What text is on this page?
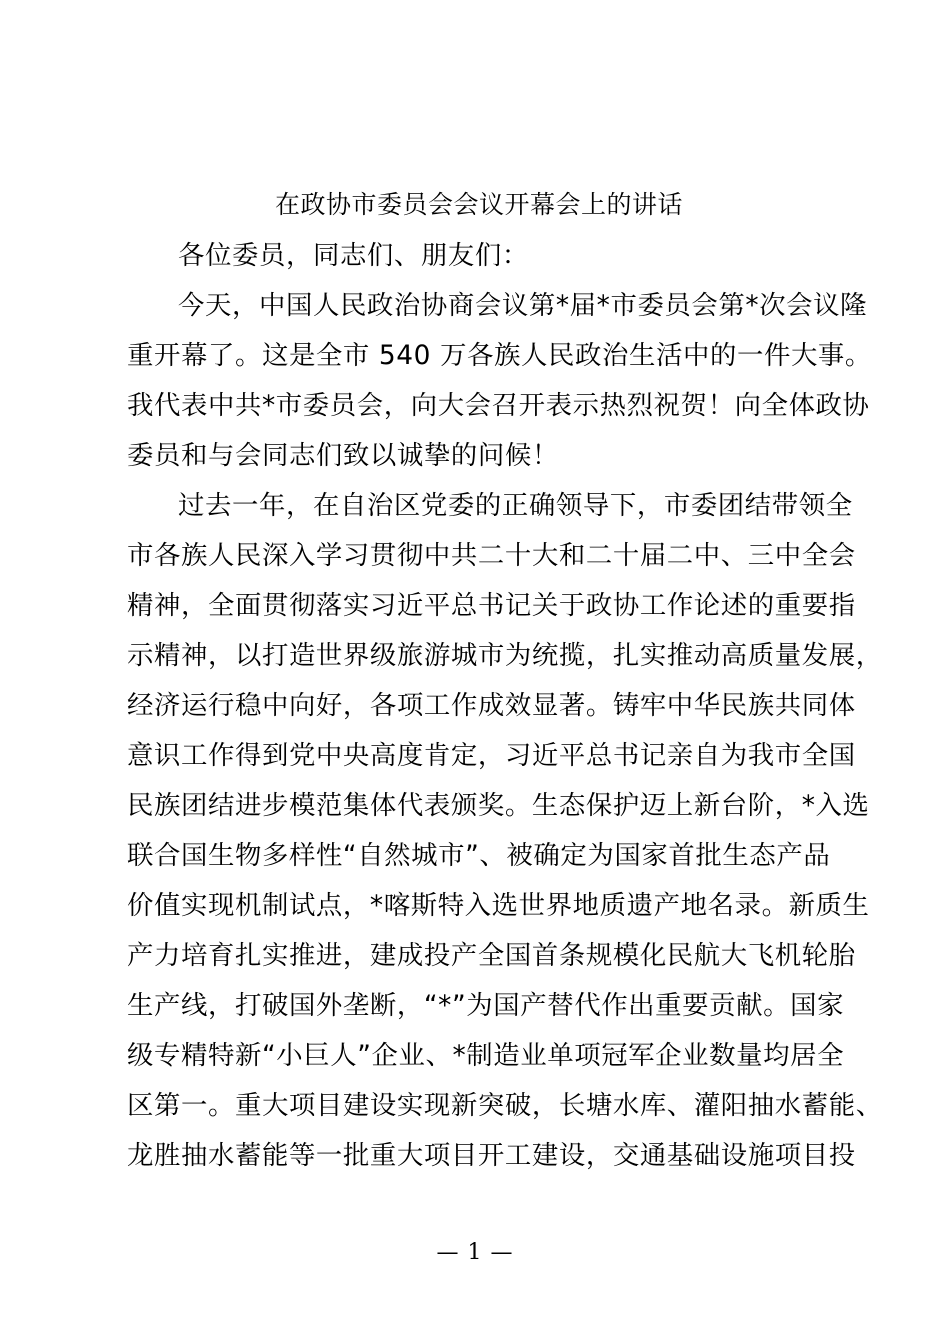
在政协市委员会会议开幕会上的讲话
各位委员，同志们、朋友们：
今天，中国人民政治协商会议第*届*市委员会第*次会议隆
重开幕了。这是全市 540 万各族人民政治生活中的一件大事。
我代表中共*市委员会，向大会召开表示热烈祝贺！向全体政协
委员和与会同志们致以诚挚的问候！
过去一年，在自治区党委的正确领导下，市委团结带领全
市各族人民深入学习贯彻中共二十大和二十届二中、三中全会
精神，全面贯彻落实习近平总书记关于政协工作论述的重要指
示精神，以打造世界级旅游城市为统揽，扎实推动高质量发展，
经济运行稳中向好，各项工作成效显著。铸牢中华民族共同体
意识工作得到党中央高度肯定，习近平总书记亲自为我市全国
民族团结进步模范集体代表颁奖。生态保护迈上新台阶，*入选
联合国生物多样性“自然城市”、被确定为国家首批生态产品
价值实现机制试点，*喀斯特入选世界地质遗产地名录。新质生
产力培育扎实推进，建成投产全国首条规模化民航大飞机轮胎
生产线，打破国外垄断，“*”为国产替代作出重要贡献。国家
级专精特新“小巨人”企业、*制造业单项冠军企业数量均居全
区第一。重大项目建设实现新突破，长塘水库、灌阳抽水蓄能、
龙胜抽水蓄能等一批重大项目开工建设，交通基础设施项目投
— 1 —
